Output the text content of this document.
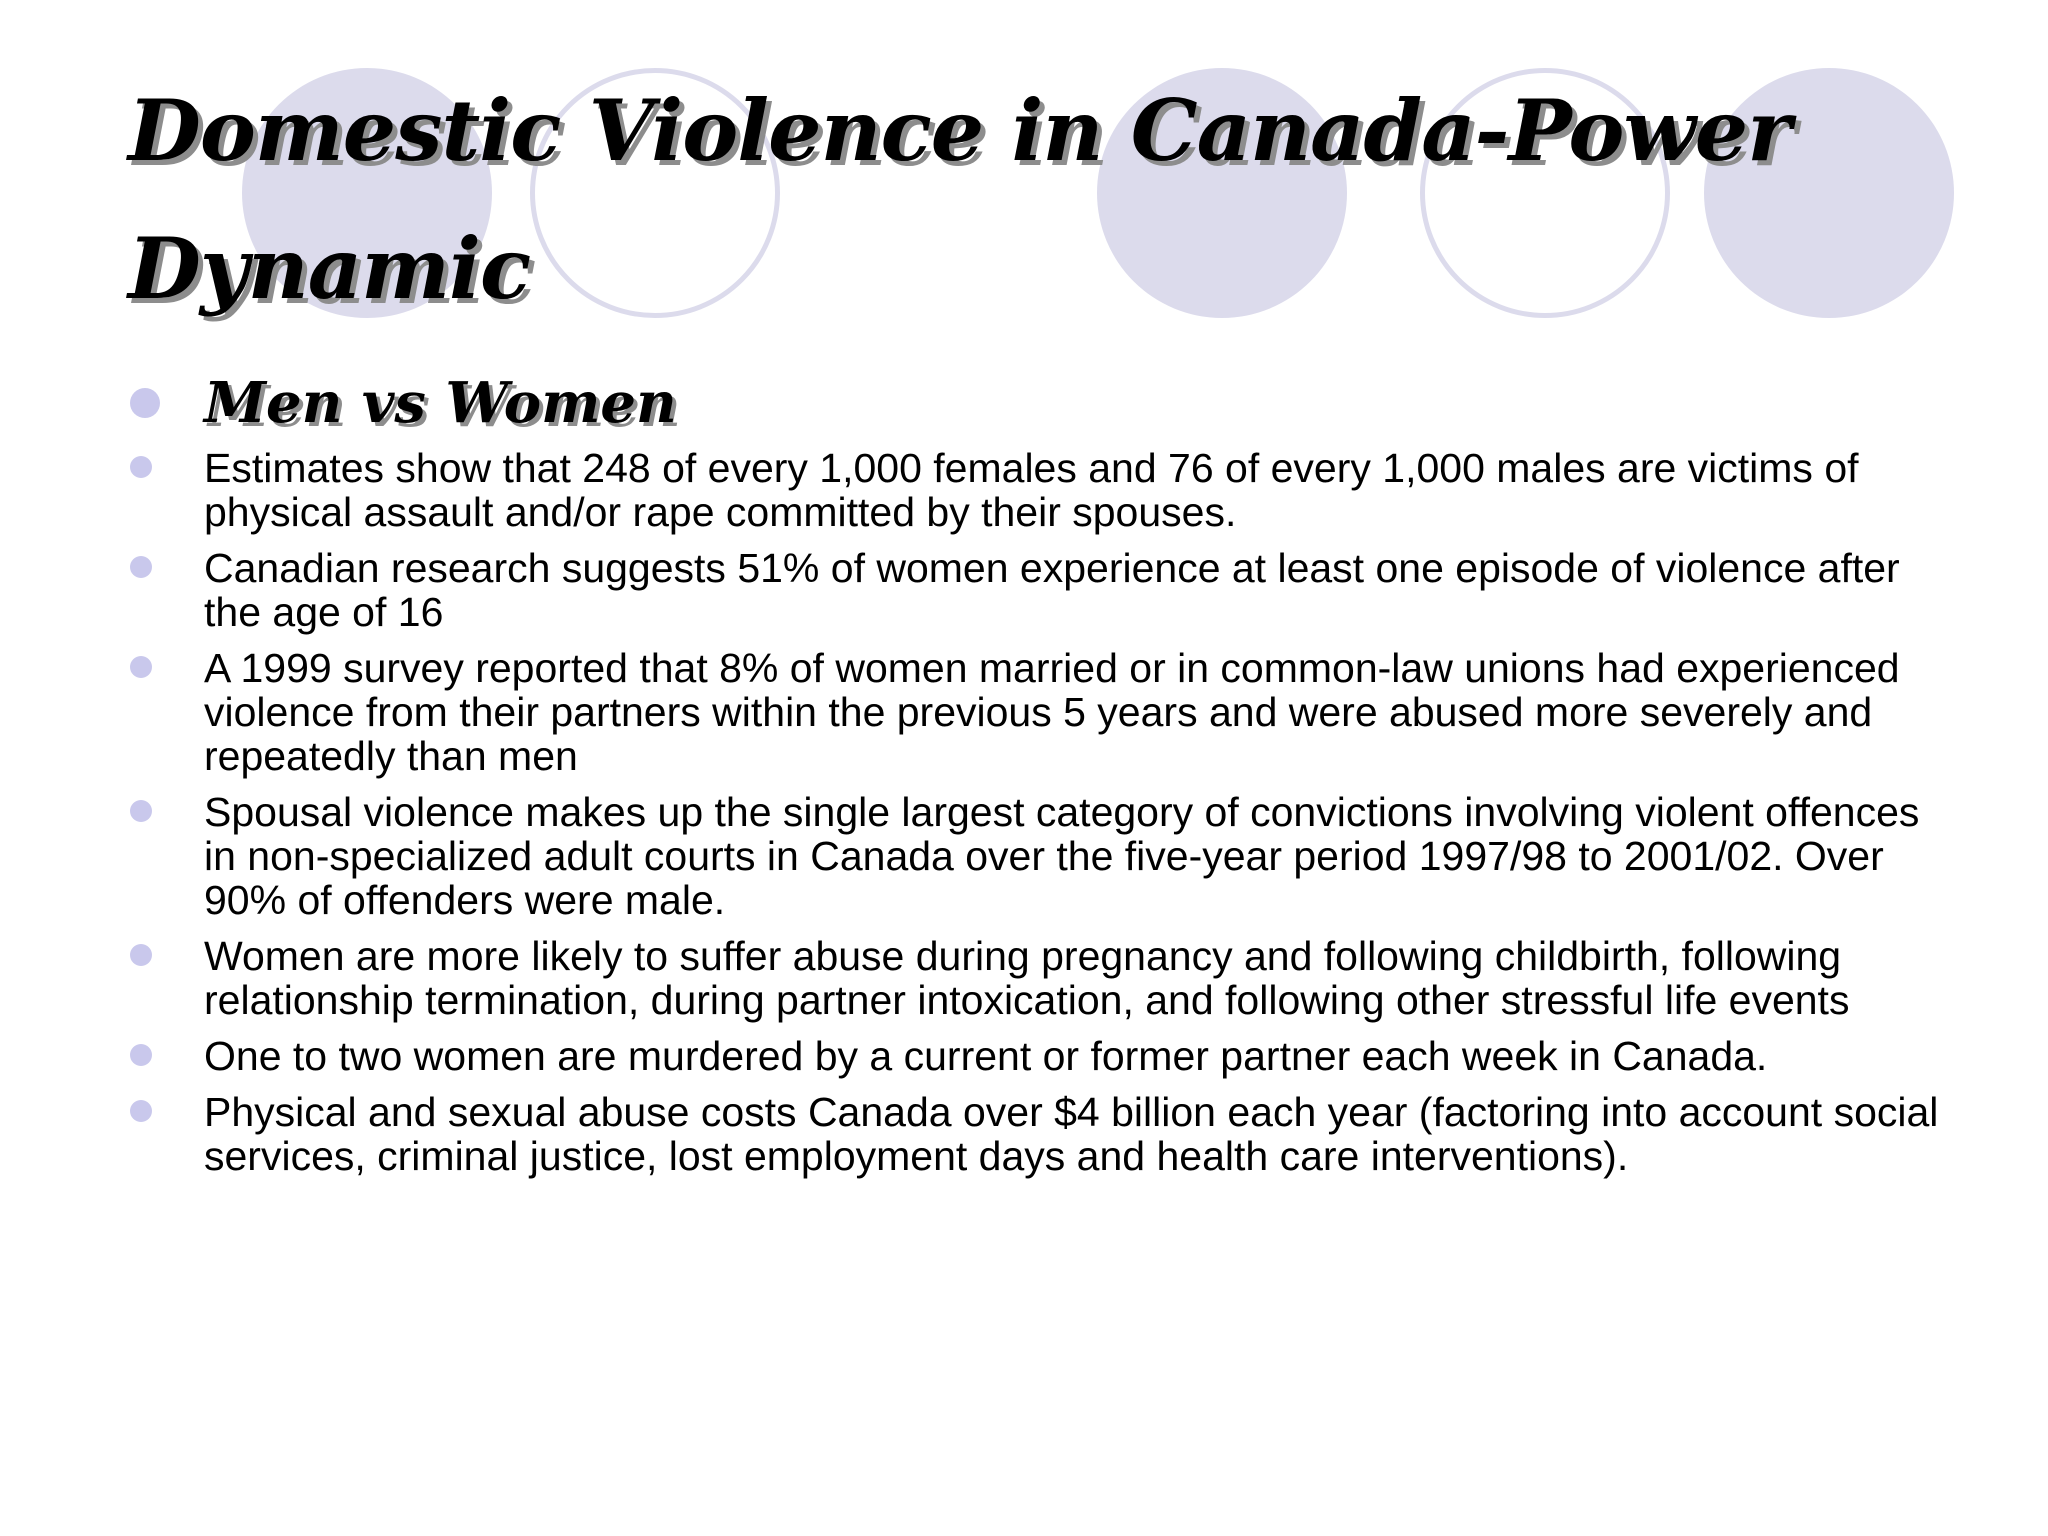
Domestic Violence in Canada-Power Dynamic
Men vs Women
Estimates show that 248 of every 1,000 females and 76 of every 1,000 males are victims of physical assault and/or rape committed by their spouses.
Canadian research suggests 51% of women experience at least one episode of violence after the age of 16
A 1999 survey reported that 8% of women married or in common-law unions had experienced violence from their partners within the previous 5 years and were abused more severely and repeatedly than men
Spousal violence makes up the single largest category of convictions involving violent offences in non-specialized adult courts in Canada over the five-year period 1997/98 to 2001/02. Over 90% of offenders were male.
Women are more likely to suffer abuse during pregnancy and following childbirth, following relationship termination, during partner intoxication, and following other stressful life events
One to two women are murdered by a current or former partner each week in Canada.
Physical and sexual abuse costs Canada over $4 billion each year (factoring into account social services, criminal justice, lost employment days and health care interventions).
